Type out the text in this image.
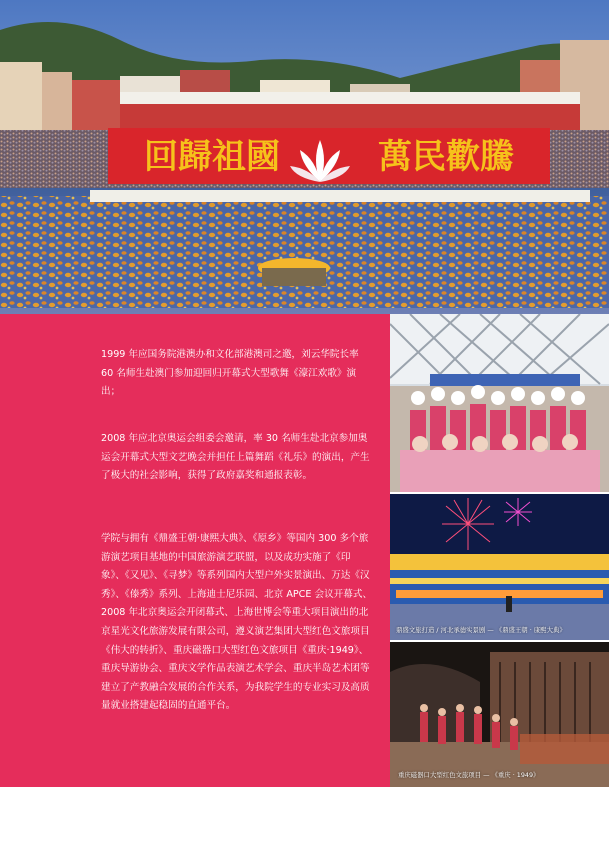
回歸祖國	萬民歡騰
1999 年应国务院港澳办和文化部港澳司之邀，刘云华院长率 60 名师生赴澳门参加迎回归开幕式大型歌舞《濠江欢歌》演出；
2008 年应北京奥运会组委会邀请，率 30 名师生赴北京参加奥运会开幕式大型文艺晚会并担任上篇舞蹈《礼乐》的演出，产生了极大的社会影响，获得了政府嘉奖和通报表彰。
学院与拥有《鼎盛王朝·康熙大典》、《原乡》等国内 300 多个旅游演艺项目基地的中国旅游演艺联盟，以及成功实施了《印象》、《又见》、《寻梦》等系列国内大型户外实景演出、万达《汉秀》、《傣秀》系列、上海迪士尼乐园、北京 APCE 会议开幕式、2008 年北京奥运会开闭幕式、上海世博会等重大项目演出的北京星光文化旅游发展有限公司，遵义演艺集团大型红色文旅项目《伟大的转折》、重庆磁器口大型红色文旅项目《重庆·1949》、重庆导游协会、重庆文学作品表演艺术学会、重庆半岛艺术团等建立了产教融合发展的合作关系，为我院学生的专业实习及高质量就业搭建起稳固的直通平台。
鼎盛文旅打造 / 河北承德实景剧 — 《鼎盛王朝 · 康熙大典》
重庆磁器口大型红色文旅项目 — 《重庆 · 1949》
